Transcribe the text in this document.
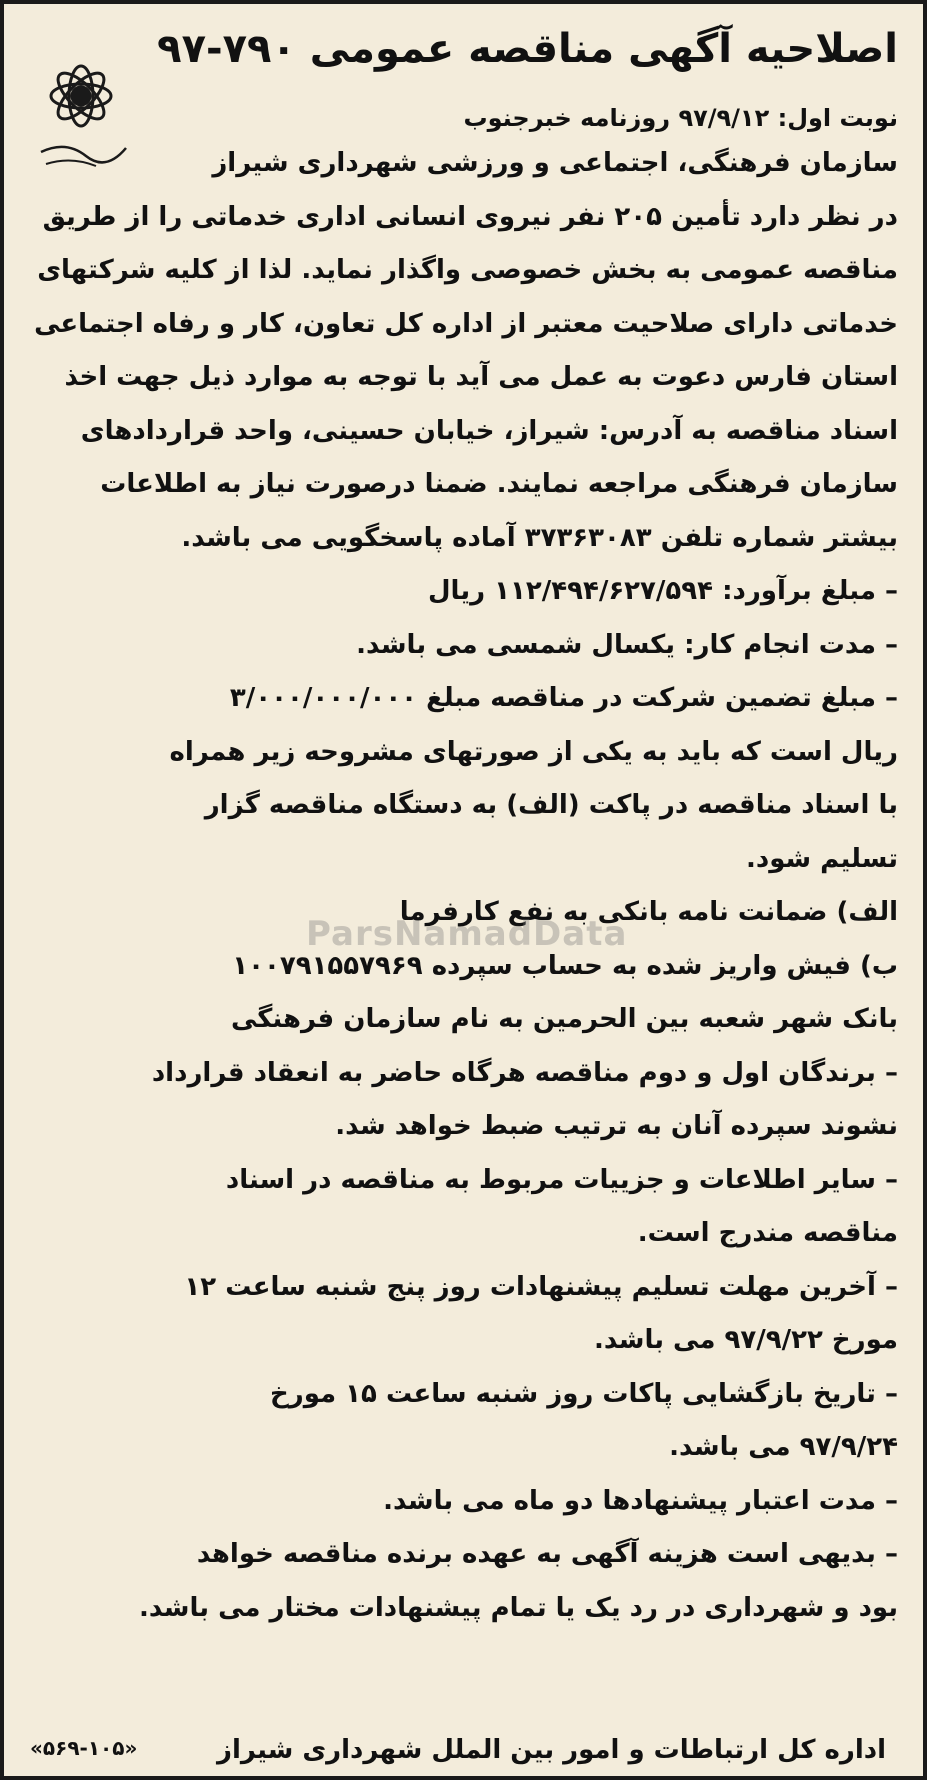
اصلاحیه آگهی مناقصه عمومی ۷۹۰-۹۷
نوبت اول: ۹۷/۹/۱۲ روزنامه خبرجنوب
سازمان فرهنگی، اجتماعی و ورزشی شهرداری شیراز
در نظر دارد تأمین ۲۰۵ نفر نیروی انسانی اداری خدماتی را از طریق
مناقصه عمومی به بخش خصوصی واگذار نماید. لذا از کلیه شرکتهای
خدماتی دارای صلاحیت معتبر از اداره کل تعاون، کار و رفاه اجتماعی
استان فارس دعوت به عمل می آید با توجه به موارد ذیل جهت اخذ
اسناد مناقصه به آدرس: شیراز، خیابان حسینی، واحد قراردادهای
سازمان فرهنگی مراجعه نمایند. ضمنا درصورت نیاز به اطلاعات
بیشتر شماره تلفن ۳۷۳۶۳۰۸۳ آماده پاسخگویی می باشد.
– مبلغ برآورد: ۱۱۲/۴۹۴/۶۲۷/۵۹۴ ریال
– مدت انجام کار: یکسال شمسی می باشد.
– مبلغ تضمین شرکت در مناقصه مبلغ ۳/۰۰۰/۰۰۰/۰۰۰
ریال است که باید به یکی از صورتهای مشروحه زیر همراه
با اسناد مناقصه در پاکت (الف) به دستگاه مناقصه گزار
تسلیم شود.
الف) ضمانت نامه بانکی به نفع کارفرما
ب) فیش واریز شده به حساب سپرده ۱۰۰۷۹۱۵۵۷۹۶۹
بانک شهر شعبه بین الحرمین به نام سازمان فرهنگی
– برندگان اول و دوم مناقصه هرگاه حاضر به انعقاد قرارداد
نشوند سپرده آنان به ترتیب ضبط خواهد شد.
– سایر اطلاعات و جزییات مربوط به مناقصه در اسناد
مناقصه مندرج است.
– آخرین مهلت تسلیم پیشنهادات روز پنج شنبه ساعت ۱۲
مورخ ۹۷/۹/۲۲ می باشد.
– تاریخ بازگشایی پاکات روز شنبه ساعت ۱۵ مورخ
۹۷/۹/۲۴ می باشد.
– مدت اعتبار پیشنهادها دو ماه می باشد.
– بدیهی است هزینه آگهی به عهده برنده مناقصه خواهد
بود و شهرداری در رد یک یا تمام پیشنهادات مختار می باشد.
ParsNamadData
اداره کل ارتباطات و امور بین الملل شهرداری شیراز
«۵۶۹-۱۰۵»
